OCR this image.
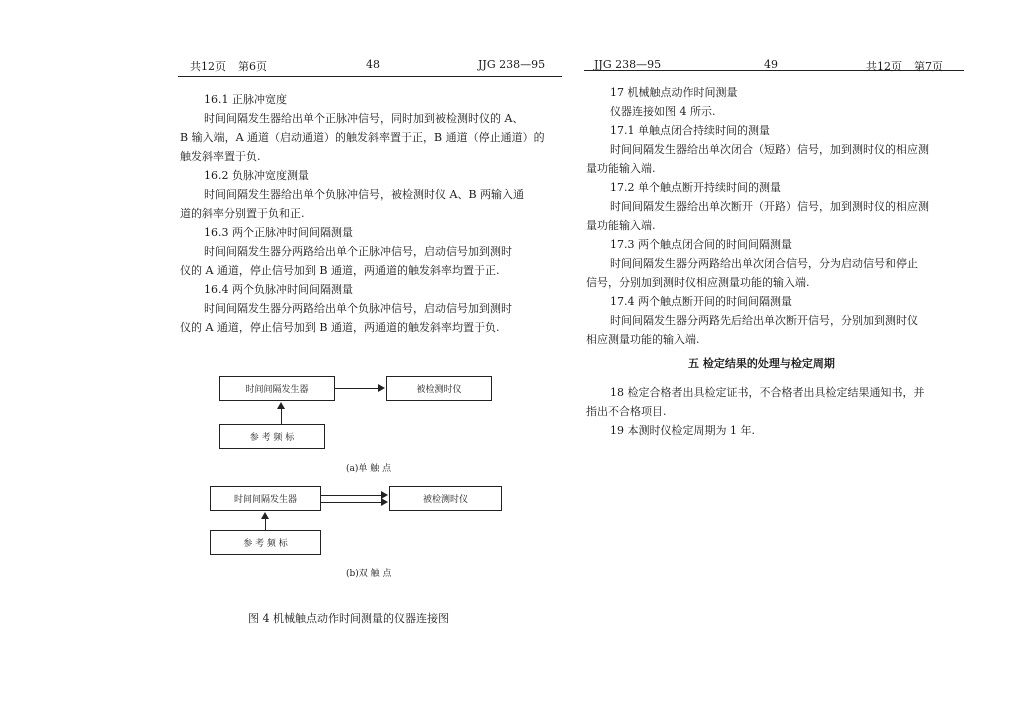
共12页 第6页	48	JJG 238—95
16.1 正脉冲宽度
时间间隔发生器给出单个正脉冲信号，同时加到被检测时仪的 A、
B 输入端，A 通道（启动通道）的触发斜率置于正，B 通道（停止通道）的
触发斜率置于负.
16.2 负脉冲宽度测量
时间间隔发生器给出单个负脉冲信号，被检测时仪 A、B 两输入通
道的斜率分别置于负和正.
16.3 两个正脉冲时间间隔测量
时间间隔发生器分两路给出单个正脉冲信号，启动信号加到测时
仪的 A 通道，停止信号加到 B 通道，两通道的触发斜率均置于正.
16.4 两个负脉冲时间间隔测量
时间间隔发生器分两路给出单个负脉冲信号，启动信号加到测时
仪的 A 通道，停止信号加到 B 通道，两通道的触发斜率均置于负.
时间间隔发生器	被检测时仪
参 考 频 标
(a)单 触 点
时间间隔发生器	被检测时仪
参 考 频 标
(b)双 触 点
图 4 机械触点动作时间测量的仪器连接图
JJG 238—95	49	共12页 第7页
17 机械触点动作时间测量
仪器连接如图 4 所示.
17.1 单触点闭合持续时间的测量
时间间隔发生器给出单次闭合（短路）信号，加到测时仪的相应测
量功能输入端.
17.2 单个触点断开持续时间的测量
时间间隔发生器给出单次断开（开路）信号，加到测时仪的相应测
量功能输入端.
17.3 两个触点闭合间的时间间隔测量
时间间隔发生器分两路给出单次闭合信号，分为启动信号和停止
信号，分别加到测时仪相应测量功能的输入端.
17.4 两个触点断开间的时间间隔测量
时间间隔发生器分两路先后给出单次断开信号，分别加到测时仪
相应测量功能的输入端.
五 检定结果的处理与检定周期
18 检定合格者出具检定证书，不合格者出具检定结果通知书，并
指出不合格项目.
19 本测时仪检定周期为 1 年.
